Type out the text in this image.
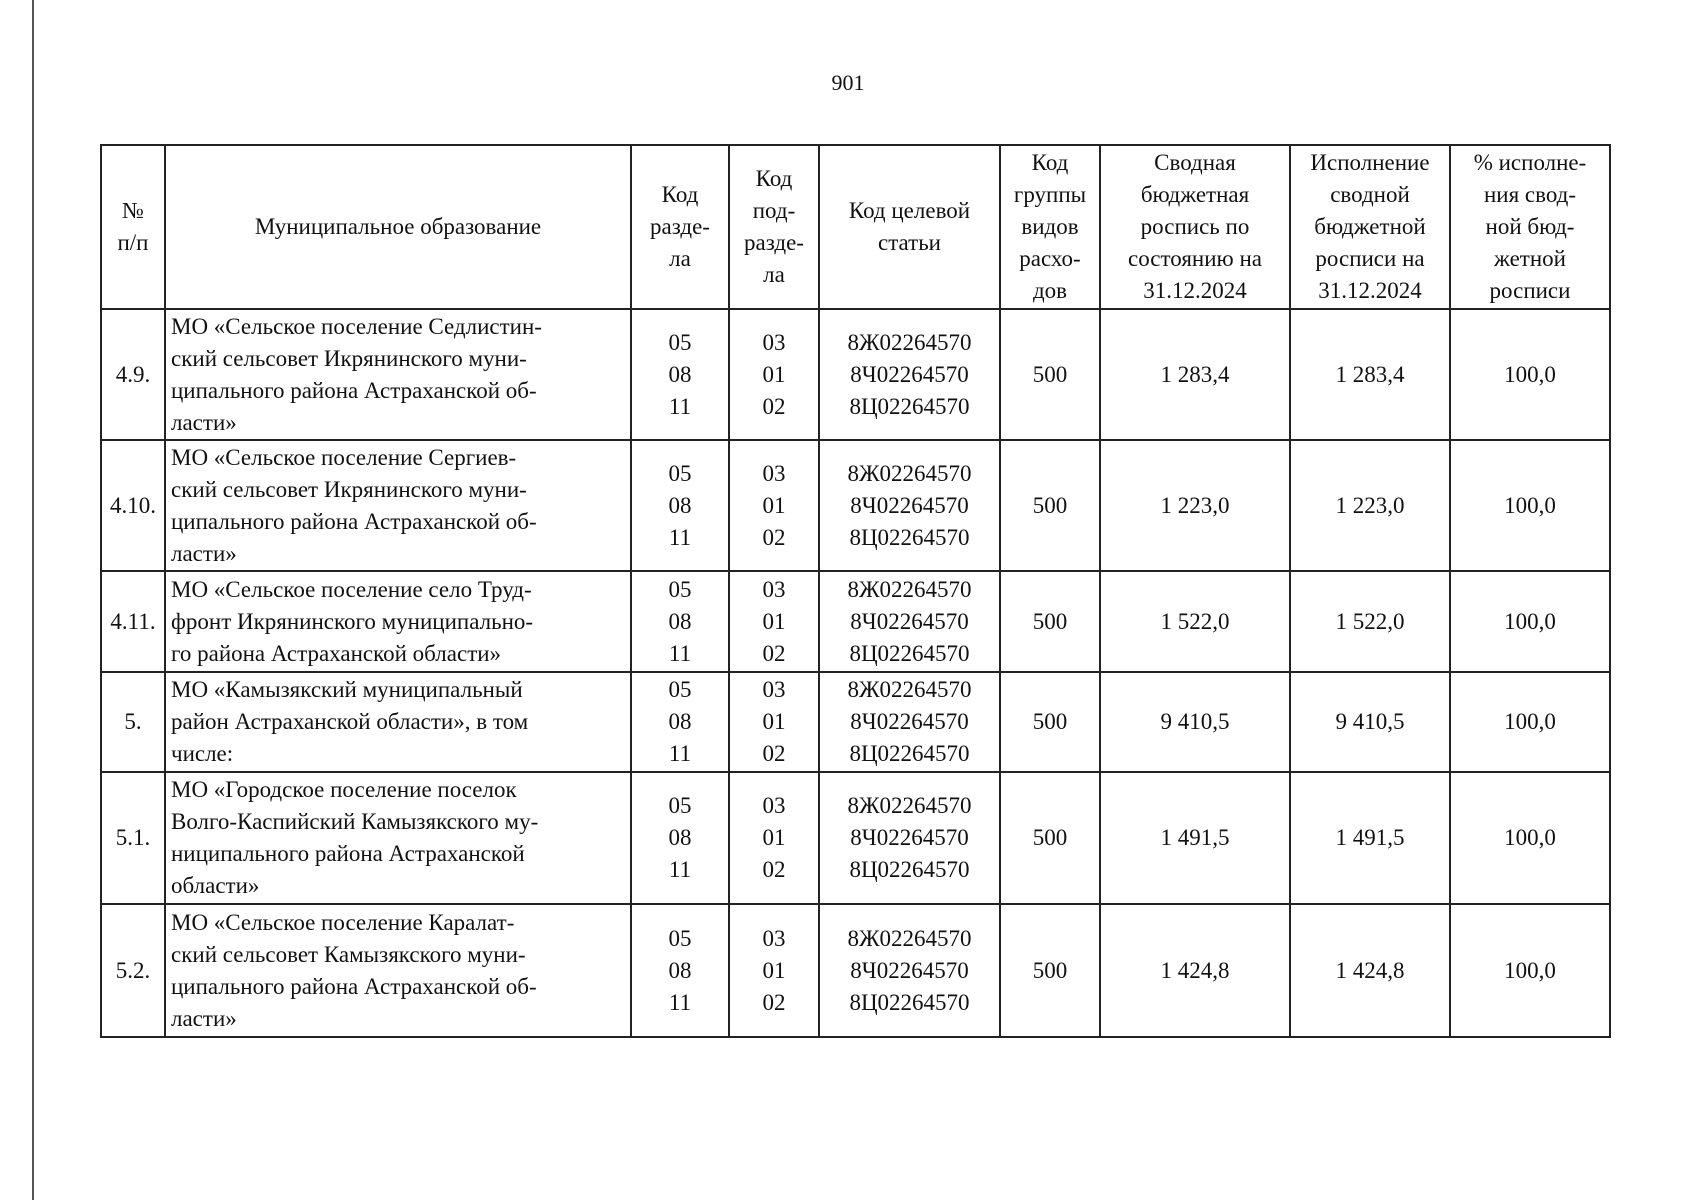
901
№
п/п	Муниципальное образование	Код
разде-
ла	Код
под-
разде-
ла	Код целевой
статьи	Код
группы
видов
расхо-
дов	Сводная
бюджетная
роспись по
состоянию на
31.12.2024	Исполнение
сводной
бюджетной
росписи на
31.12.2024	% исполне-
ния свод-
ной бюд-
жетной
росписи

4.9.	МО «Сельское поселение Седлистин-
ский сельсовет Икрянинского муни-
ципального района Астраханской об-
ласти»	05
08
11	03
01
02	8Ж02264570
8Ч02264570
8Ц02264570	500	1 283,4	1 283,4	100,0
4.10.	МО «Сельское поселение Сергиев-
ский сельсовет Икрянинского муни-
ципального района Астраханской об-
ласти»	05
08
11	03
01
02	8Ж02264570
8Ч02264570
8Ц02264570	500	1 223,0	1 223,0	100,0
4.11.	МО «Сельское поселение село Труд-
фронт Икрянинского муниципально-
го района Астраханской области»	05
08
11	03
01
02	8Ж02264570
8Ч02264570
8Ц02264570	500	1 522,0	1 522,0	100,0
5.	МО «Камызякский муниципальный
район Астраханской области», в том
числе:	05
08
11	03
01
02	8Ж02264570
8Ч02264570
8Ц02264570	500	9 410,5	9 410,5	100,0
5.1.	МО «Городское поселение поселок
Волго-Каспийский Камызякского му-
ниципального района Астраханской
области»	05
08
11	03
01
02	8Ж02264570
8Ч02264570
8Ц02264570	500	1 491,5	1 491,5	100,0
5.2.	МО «Сельское поселение Каралат-
ский сельсовет Камызякского муни-
ципального района Астраханской об-
ласти»	05
08
11	03
01
02	8Ж02264570
8Ч02264570
8Ц02264570	500	1 424,8	1 424,8	100,0
